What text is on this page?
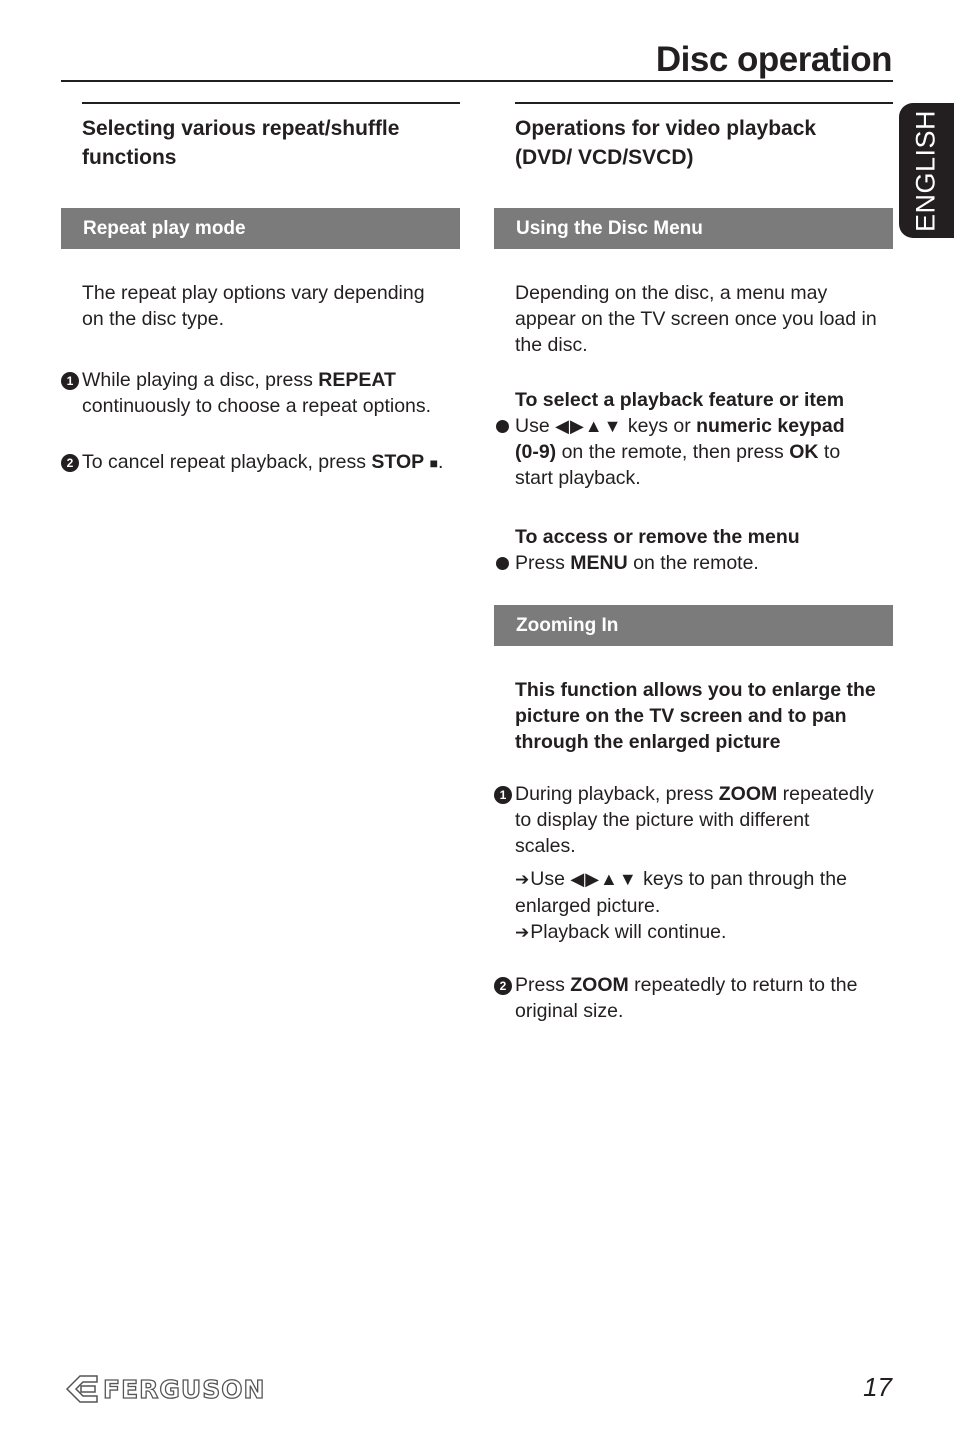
Disc operation
ENGLISH
Selecting various repeat/shuffle
functions
Repeat play mode
The repeat play options vary depending
on the disc type.
1 While playing a disc, press REPEAT
continuously to choose a repeat options.
2 To cancel repeat playback, press STOP ■.
Operations for video playback
(DVD/ VCD/SVCD)
Using the Disc Menu
Depending on the disc, a menu may
appear on the TV screen once you load in
the disc.
To select a playback feature or item
Use ◀▶▲▼ keys or numeric keypad
(0-9) on the remote, then press OK to
start playback.
To access or remove the menu
Press MENU on the remote.
Zooming In
This function allows you to enlarge the
picture on the TV screen and to pan
through the enlarged picture
1 During playback, press ZOOM repeatedly
to display the picture with different
scales.
➔Use ◀▶▲▼ keys to pan through the
enlarged picture.
➔Playback will continue.
2 Press ZOOM repeatedly to return to the
original size.
FERGUSON	17
